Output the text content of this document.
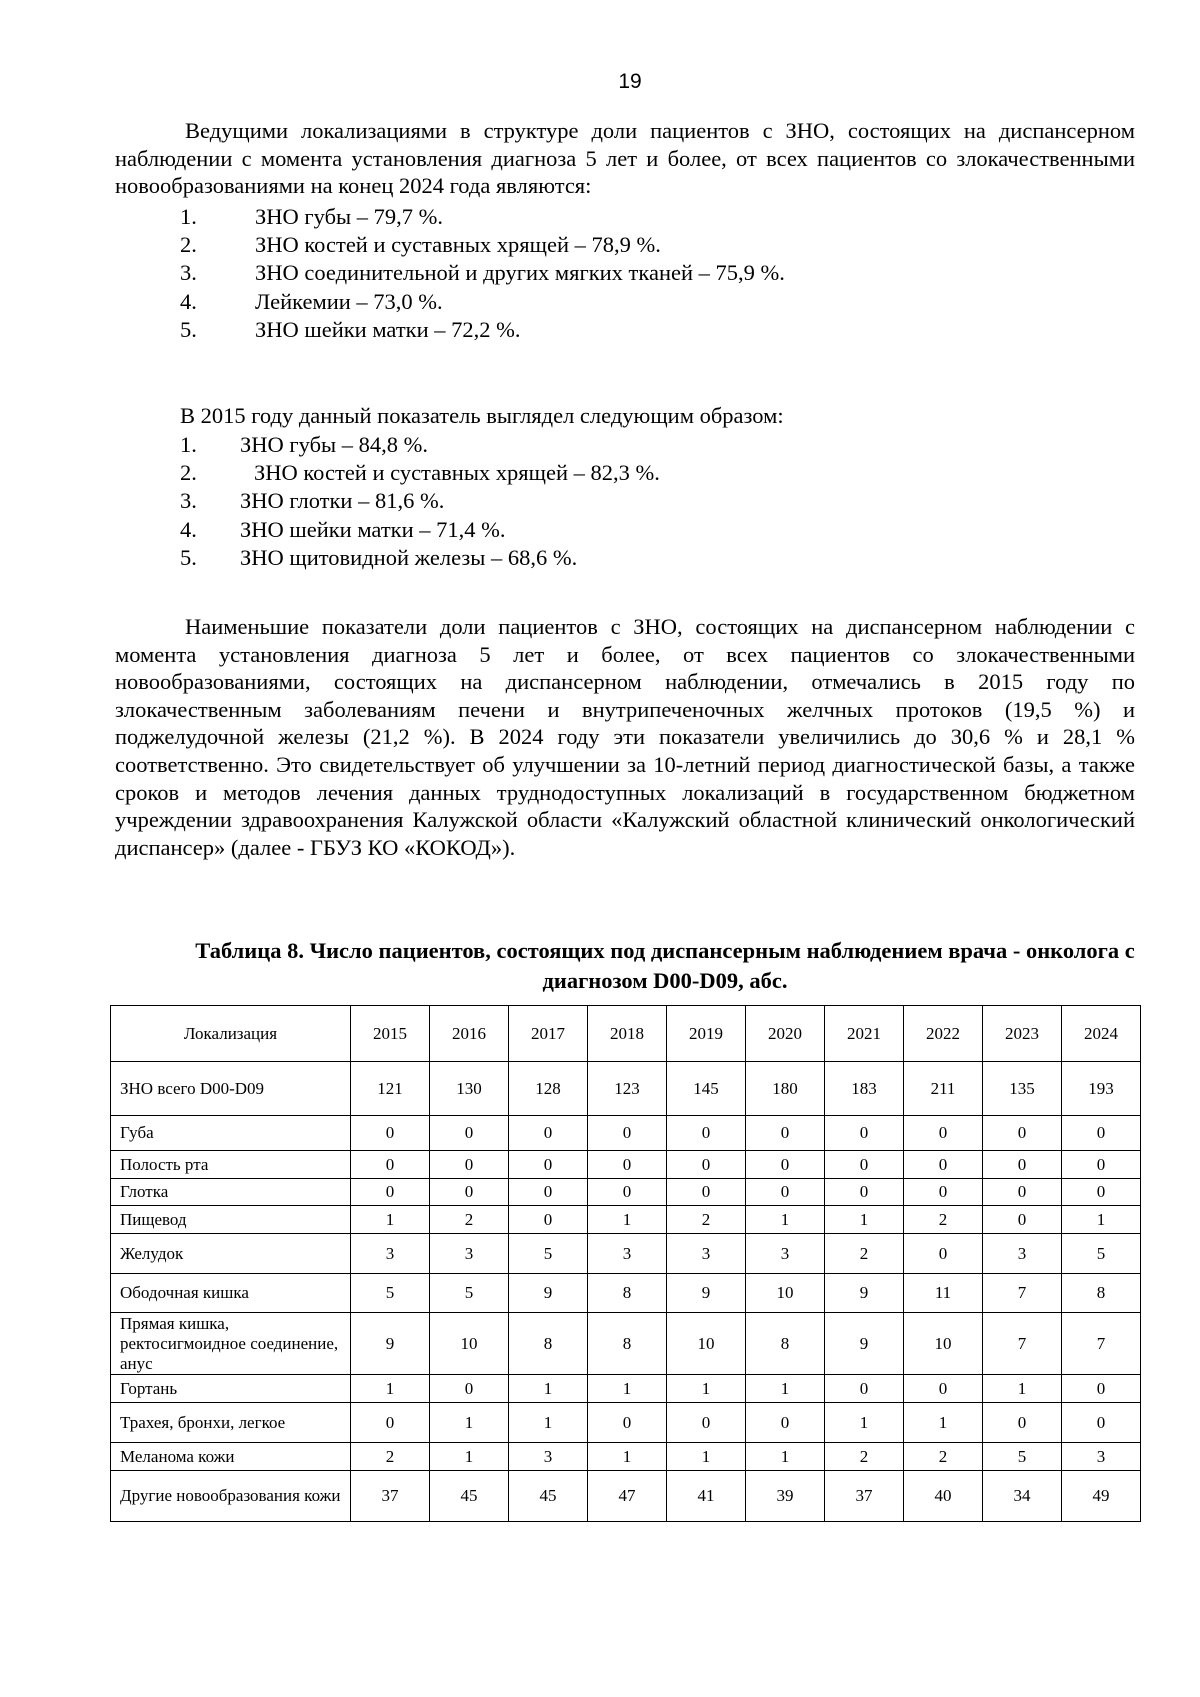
19
Ведущими локализациями в структуре доли пациентов с ЗНО, состоящих на диспансерном наблюдении с момента установления диагноза 5 лет и более, от всех пациентов со злокачественными новообразованиями на конец 2024 года являются:
1.	ЗНО губы – 79,7 %.
2.	ЗНО костей и суставных хрящей – 78,9 %.
3.	ЗНО соединительной и других мягких тканей – 75,9 %.
4.	Лейкемии – 73,0 %.
5.	ЗНО шейки матки – 72,2 %.
В 2015 году данный показатель выглядел следующим образом:
1.	ЗНО губы – 84,8 %.
2.	ЗНО костей и суставных хрящей – 82,3 %.
3.	ЗНО глотки – 81,6 %.
4.	ЗНО шейки матки – 71,4 %.
5.	ЗНО щитовидной железы – 68,6 %.
Наименьшие показатели доли пациентов с ЗНО, состоящих на диспансерном наблюдении с момента установления диагноза 5 лет и более, от всех пациентов со злокачественными новообразованиями, состоящих на диспансерном наблюдении, отмечались в 2015 году по злокачественным заболеваниям печени и внутрипеченочных желчных протоков (19,5 %) и поджелудочной железы (21,2 %). В 2024 году эти показатели увеличились до 30,6 % и 28,1 % соответственно. Это свидетельствует об улучшении за 10-летний период диагностической базы, а также сроков и методов лечения данных труднодоступных локализаций в государственном бюджетном учреждении здравоохранения Калужской области «Калужский областной клинический онкологический диспансер» (далее - ГБУЗ КО «КОКОД»).
Таблица 8. Число пациентов, состоящих под диспансерным наблюдением врача - онколога с диагнозом D00-D09, абс.
Локализация	2015	2016	2017	2018	2019	2020	2021	2022	2023	2024
ЗНО всего D00-D09	121	130	128	123	145	180	183	211	135	193
Губа	0	0	0	0	0	0	0	0	0	0
Полость рта	0	0	0	0	0	0	0	0	0	0
Глотка	0	0	0	0	0	0	0	0	0	0
Пищевод	1	2	0	1	2	1	1	2	0	1
Желудок	3	3	5	3	3	3	2	0	3	5
Ободочная кишка	5	5	9	8	9	10	9	11	7	8
Прямая кишка, ректосигмоидное соединение, анус	9	10	8	8	10	8	9	10	7	7
Гортань	1	0	1	1	1	1	0	0	1	0
Трахея, бронхи, легкое	0	1	1	0	0	0	1	1	0	0
Меланома кожи	2	1	3	1	1	1	2	2	5	3
Другие новообразования кожи	37	45	45	47	41	39	37	40	34	49
